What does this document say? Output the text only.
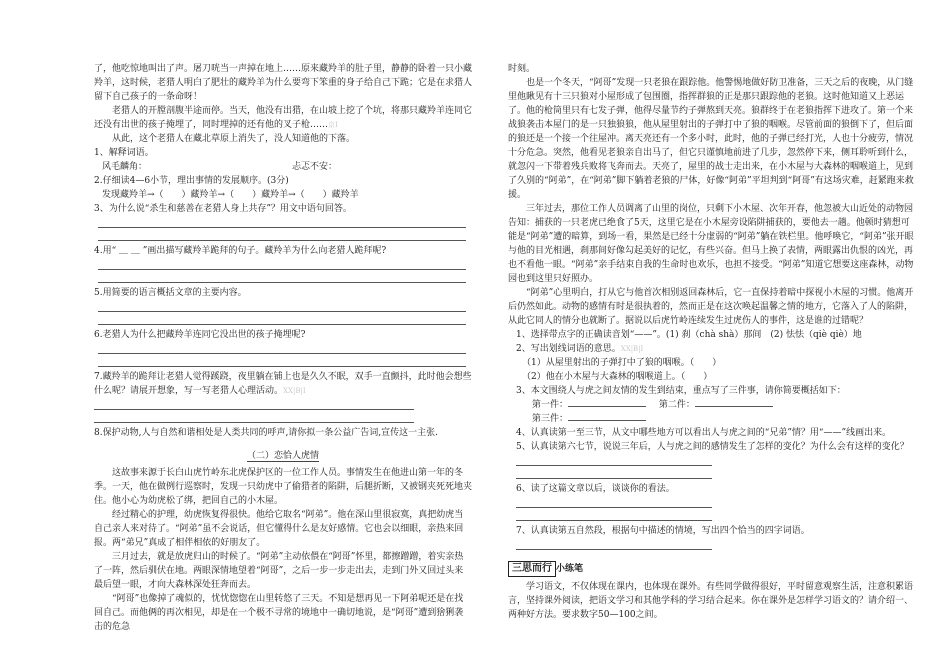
了，他吃惊地叫出了声。屠刀咣当一声掉在地上……原来藏羚羊的肚子里，静静的卧着一只小藏羚羊，这时候，老猎人明白了肥壮的藏羚羊为什么要弯下笨重的身子给自己下跪；它是在求猎人留下自己孩子的一条命呀！

老猎人的开膛剖腹半途而停。当天，他没有出猎，在山坡上挖了个坑，将那只藏羚羊连同它还没有出世的孩子掩埋了，同时埋掉的还有他的叉子枪……京I

从此，这个老猎人在藏北草原上消失了，没人知道他的下落。

1、解释词语。

风毛麟角：	忐忑不安：

2.仔细读4—6小节，理出事情的发展顺序。(3分)

发现藏羚羊→（　　）藏羚羊→（　　）藏羚羊→（　　）藏羚羊

3、为什么说“杀生和慈善在老猎人身上共存”？用文中语句回答。

4.用“ ＿ ＿ ”画出描写藏羚羊跪拜的句子。藏羚羊为什么向老猎人跪拜呢?

5.用简要的语言概括文章的主要内容。

6.老猎人为什么把藏羚羊连同它没出世的孩子掩埋呢?

7.藏羚羊的跪拜让老猎人觉得蹊跷，夜里躺在铺上也是久久不眠，双手一直颤抖，此时他会想些什么呢？请展开想象，写一写老猎人心理活动。XX|B|I

8.保护动物,人与自然和谐相处是人类共同的呼声,请你拟一条公益广告词,宣传这一主张.

（二）恋恰人虎情

这故事来源于长白山虎竹岭东北虎保护区的一位工作人员。事情发生在他进山第一年的冬季。一天，他在做例行巡察时，发现一只幼虎中了偷猎者的陷阱，后腿折断，又被钢夹死死地夹住。他小心为幼虎松了绑，把回自己的小木屋。

经过精心的护理，幼虎恢复得很快。他给它取名“阿弟”。他在深山里很寂寞，真把幼虎当自己亲人来对待了。“阿弟”虽不会说话，但它懂得什么是友好感情。它也会以细眼，亲热来回报。两“弟兄”真成了相伴相依的好朋友了。

三月过去，就是放虎归山的时候了。“阿弟”主动依偎在“阿哥”怀里，都擦蹭蹭，着实亲热了一阵，然后驯伏在地。两眼深情地望着“阿哥”，之后一步一步走出去，走到门外又回过头来最后望一眼，才向大森林深处狂奔而去。

“阿哥”也像掉了魂似的，忧忧惚惚在山里转悠了三天。不知是想再见一下阿弟呢还是在找回自己。而他俩的再次相见，却是在一个极不寻常的境地中一确切地说，是“阿哥”遭到猞猁袭击的危急

时刻。

也是一个冬天，“阿哥”发现一只老狼在跟踪他。他警惕地做好防卫准备，三天之后的夜晚，从门缝里他瞅见有十三只狼对小屋形成了包围圈，指挥群狼的正是那只跟踪他的老狼。这时他知道又上恶运了。他的枪筒里只有七发子弹，他得尽量节约子弹熬到天亮。狼群终于在老狼指挥下进攻了。第一个来战狼袭击本屋门的是一只独狼狼，他从屋里射出的子弹打中了狼的咽喉。尽管前面的狼倒下了，但后面的狼还是一个接一个往屋冲。离天亮还有一个多小时，此时，他的子弹已经打光，人也十分疲劳，情况十分危急。突然，他看见老狼亲自出马了，但它只谨慎地前进了几步，忽然停下来，侧耳聆听到什么，就忽闪一下带着残兵败将飞奔而去。天亮了，屋里的战士走出来，在小木屋与大森林的咽喉道上，见到了久别的“阿弟”，在“阿弟”脚下躺着老狼的尸体，好像“阿弟”平坦判到“阿哥”有这场灾难，赶紧跑来救援。

三年过去，那位工作人员调离了山里的岗位，只剩下小木屋、次年开春，他忽被大山近处的动物园告知：捕获的一只老虎已绝食了5天，这里它是在小木屋旁设陷阱捕获的，要他去一趟。他顿时猜想可能是“阿弟”遭的暗算，到场一看，果然是已经十分虚弱的“阿弟”躺在铁栏里。他呼唤它，“阿弟”张开眼与他的目光相遇，刹那间好像勾起美好的记忆，有些兴奋。但马上换了表情，两眼露出仇恨的凶光，再也不看他一眼。“阿弟”亲手结束自我的生命时也欢乐，也担不接受。“阿弟”知道它想要这座森林，动物园也到这里只好照办。

“阿弟”心里明白，打从它与他首次相别返回森林后，它一直保持着暗中探视小木屋的习惯。他离开后仍然如此。动物的感情有时是很执着的，然而正是在这次唤起温馨之情的地方，它落入了人的陷阱，从此它同人的情分也就断了。据说以后虎竹岭连续发生过虎伤人的事件，这是谁的过错呢？

1、选择带点字的正确读音划“——”。(1) 刹（chà shà）那间　(2) 怯怯（qiè qiè）地

2、写出划线词语的意思。XX|B|I

（1）从屋里射出的子弹打中了狼的咽喉。（　　）

（2）他在小木屋与大森林的咽喉道上。（　　）

3、本文围绕人与虎之间友情的发生到结束，重点写了三件事，请你简要概括如下：

第一件：	第二件：

第三件：

4、认真读第一至三节，从文中哪些地方可以看出人与虎之间的“兄弟”情？用“——”线画出来。

5、认真读第六七节，说说三年后，人与虎之间的感情发生了怎样的变化？为什么会有这样的变化？

6、读了这篇文章以后，谈谈你的看法。

7、认真读第五自然段，根据句中描述的情境，写出四个恰当的四字词语。

三思而行 小练笔

学习语文，不仅体现在课内，也体现在课外。有些同学做得很好，平时留意观察生活，注意积累语言，坚持课外阅读，把语文学习和其他学科的学习结合起来。你在课外是怎样学习语文的？请介绍一、两种好方法。要求数字50—100之间。
